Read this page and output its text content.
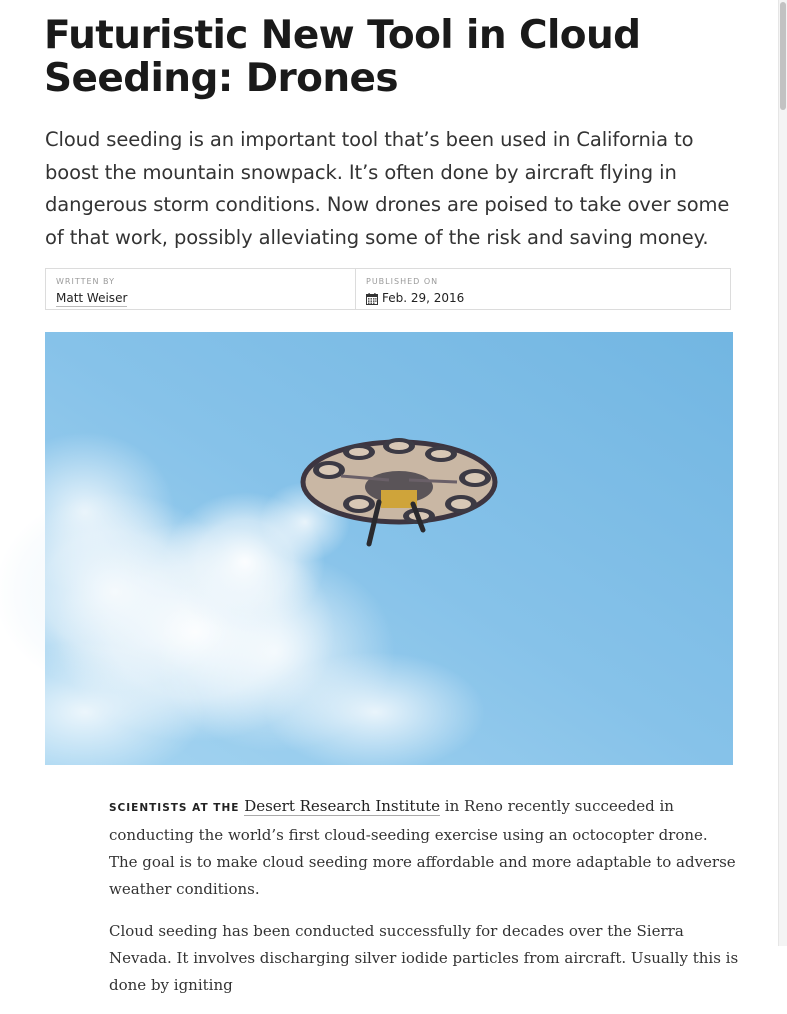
Futuristic New Tool in Cloud Seeding: Drones

Cloud seeding is an important tool that’s been used in California to boost the mountain snowpack. It’s often done by aircraft flying in dangerous storm conditions. Now drones are poised to take over some of that work, possibly alleviating some of the risk and saving money.

WRITTEN BY
Matt Weiser
PUBLISHED ON
Feb. 29, 2016

SCIENTISTS AT THE Desert Research Institute in Reno recently succeeded in conducting the world’s first cloud-seeding exercise using an octocopter drone. The goal is to make cloud seeding more affordable and more adaptable to adverse weather conditions.

Cloud seeding has been conducted successfully for decades over the Sierra Nevada. It involves discharging silver iodide particles from aircraft. Usually this is done by igniting
